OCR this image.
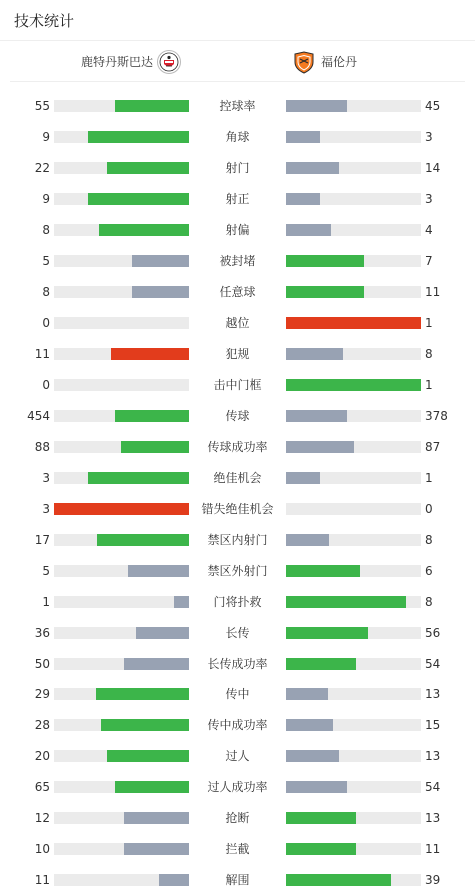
技术统计
鹿特丹斯巴达	福伦丹
55	控球率	45
9	角球	3
22	射门	14
9	射正	3
8	射偏	4
5	被封堵	7
8	任意球	11
0	越位	1
11	犯规	8
0	击中门框	1
454	传球	378
88	传球成功率	87
3	绝佳机会	1
3	错失绝佳机会	0
17	禁区内射门	8
5	禁区外射门	6
1	门将扑救	8
36	长传	56
50	长传成功率	54
29	传中	13
28	传中成功率	15
20	过人	13
65	过人成功率	54
12	抢断	13
10	拦截	11
11	解围	39
